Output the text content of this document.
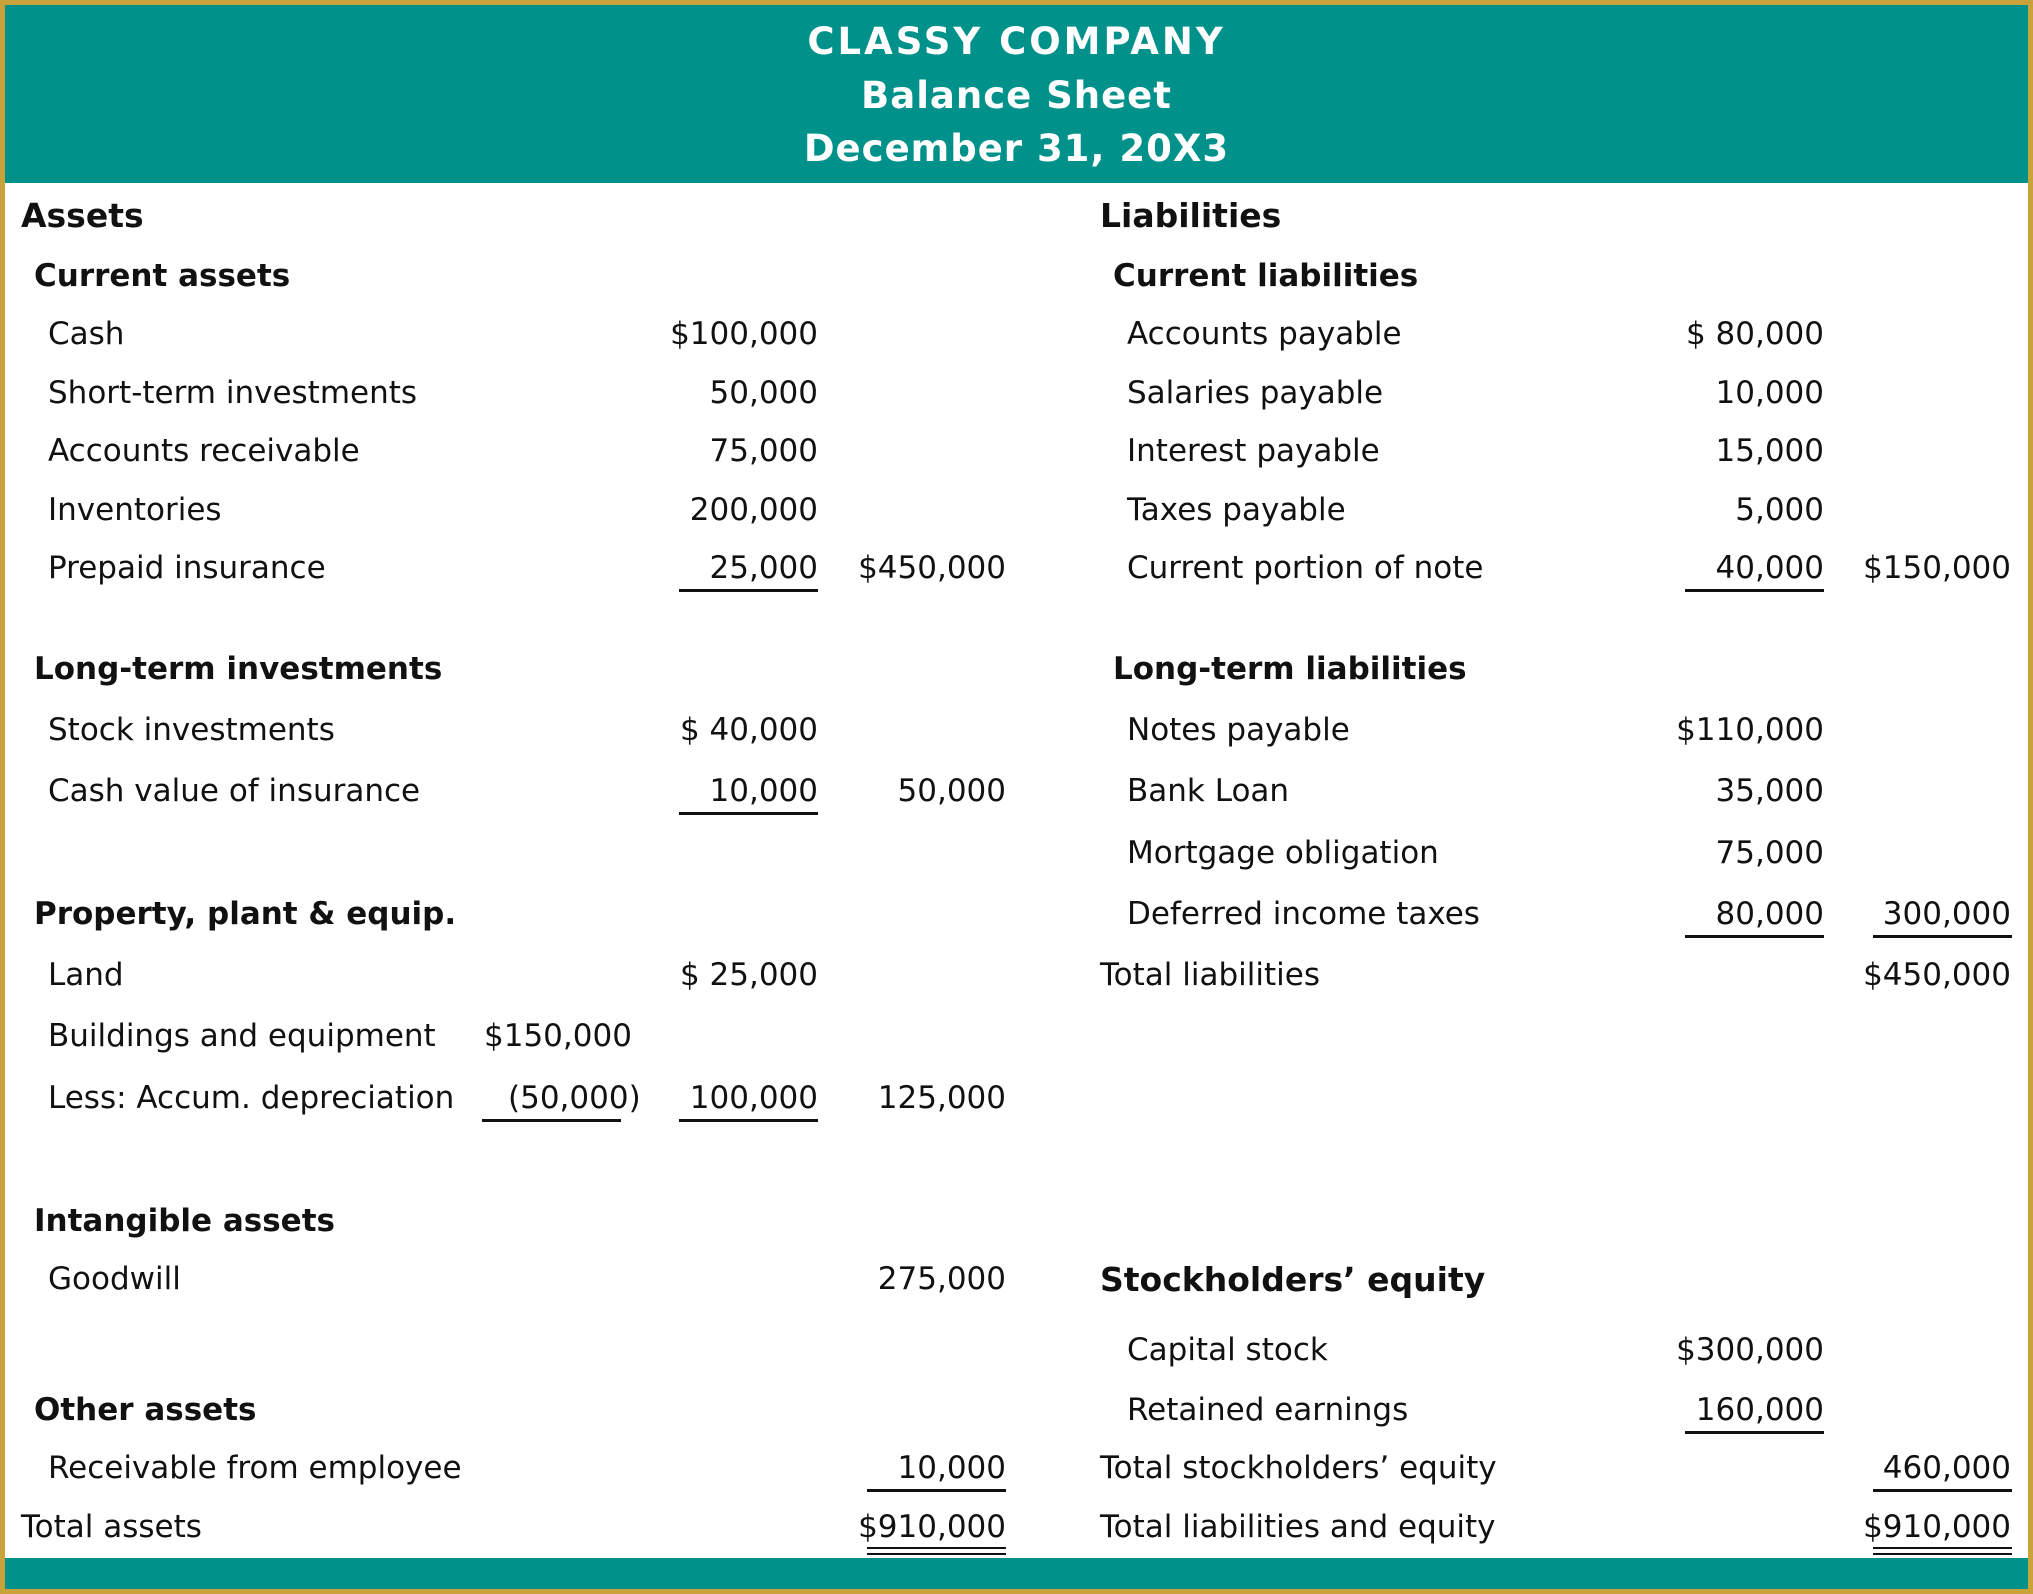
CLASSY COMPANY
Balance Sheet
December 31, 20X3
Assets
Current assets
Cash	$100,000
Short-term investments	50,000
Accounts receivable	75,000
Inventories	200,000
Prepaid insurance	25,000	$450,000
Long-term investments
Stock investments	$ 40,000
Cash value of insurance	10,000	50,000
Property, plant & equip.
Land	$ 25,000
Buildings and equipment $150,000
Less: Accum. depreciation (50,000)	100,000	125,000
Intangible assets
Goodwill	275,000
Other assets
Receivable from employee	10,000
Total assets	$910,000
Liabilities
Current liabilities
Accounts payable	$ 80,000
Salaries payable	10,000
Interest payable	15,000
Taxes payable	5,000
Current portion of note	40,000	$150,000
Long-term liabilities
Notes payable	$110,000
Bank Loan	35,000
Mortgage obligation	75,000
Deferred income taxes	80,000	300,000
Total liabilities	$450,000
Stockholders’ equity
Capital stock	$300,000
Retained earnings	160,000
Total stockholders’ equity	460,000
Total liabilities and equity	$910,000
